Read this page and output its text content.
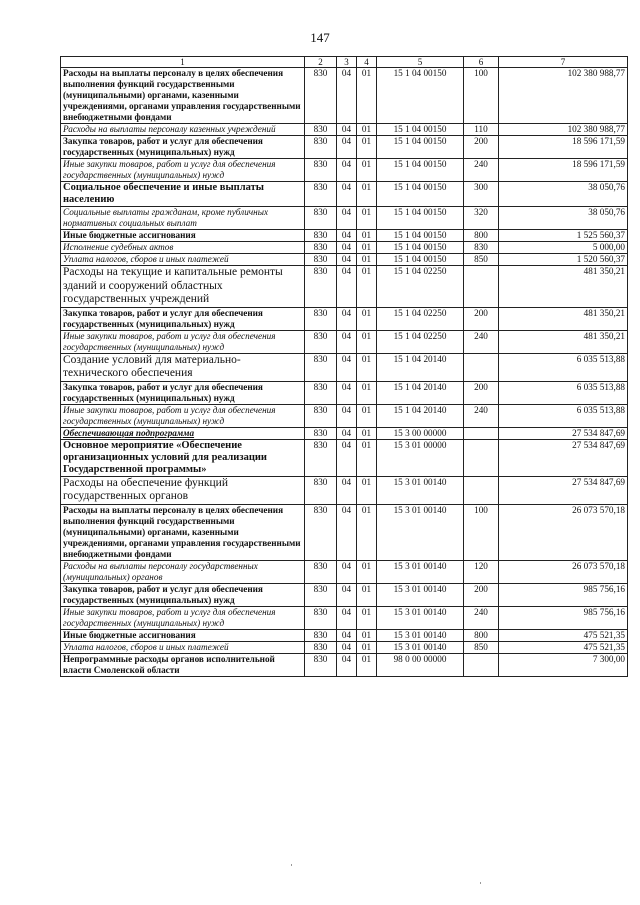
147
1	2	3	4	5	6	7
Расходы на выплаты персоналу в целях обеспечения выполнения функций государственными (муниципальными) органами, казенными учреждениями, органами управления государственными внебюджетными фондами	830	04	01	15 1 04 00150	100	102 380 988,77
Расходы на выплаты персоналу казенных учреждений	830	04	01	15 1 04 00150	110	102 380 988,77
Закупка товаров, работ и услуг для обеспечения государственных (муниципальных) нужд	830	04	01	15 1 04 00150	200	18 596 171,59
Иные закупки товаров, работ и услуг для обеспечения государственных (муниципальных) нужд	830	04	01	15 1 04 00150	240	18 596 171,59
Социальное обеспечение и иные выплаты населению	830	04	01	15 1 04 00150	300	38 050,76
Социальные выплаты гражданам, кроме публичных нормативных социальных выплат	830	04	01	15 1 04 00150	320	38 050,76
Иные бюджетные ассигнования	830	04	01	15 1 04 00150	800	1 525 560,37
Исполнение судебных актов	830	04	01	15 1 04 00150	830	5 000,00
Уплата налогов, сборов и иных платежей	830	04	01	15 1 04 00150	850	1 520 560,37
Расходы на текущие и капитальные ремонты зданий и сооружений областных государственных учреждений	830	04	01	15 1 04 02250		481 350,21
Закупка товаров, работ и услуг для обеспечения государственных (муниципальных) нужд	830	04	01	15 1 04 02250	200	481 350,21
Иные закупки товаров, работ и услуг для обеспечения государственных (муниципальных) нужд	830	04	01	15 1 04 02250	240	481 350,21
Создание условий для материально-технического обеспечения	830	04	01	15 1 04 20140		6 035 513,88
Закупка товаров, работ и услуг для обеспечения государственных (муниципальных) нужд	830	04	01	15 1 04 20140	200	6 035 513,88
Иные закупки товаров, работ и услуг для обеспечения государственных (муниципальных) нужд	830	04	01	15 1 04 20140	240	6 035 513,88
Обеспечивающая подпрограмма	830	04	01	15 3 00 00000		27 534 847,69
Основное мероприятие «Обеспечение организационных условий для реализации Государственной программы»	830	04	01	15 3 01 00000		27 534 847,69
Расходы на обеспечение функций государственных органов	830	04	01	15 3 01 00140		27 534 847,69
Расходы на выплаты персоналу в целях обеспечения выполнения функций государственными (муниципальными) органами, казенными учреждениями, органами управления государственными внебюджетными фондами	830	04	01	15 3 01 00140	100	26 073 570,18
Расходы на выплаты персоналу государственных (муниципальных) органов	830	04	01	15 3 01 00140	120	26 073 570,18
Закупка товаров, работ и услуг для обеспечения государственных (муниципальных) нужд	830	04	01	15 3 01 00140	200	985 756,16
Иные закупки товаров, работ и услуг для обеспечения государственных (муниципальных) нужд	830	04	01	15 3 01 00140	240	985 756,16
Иные бюджетные ассигнования	830	04	01	15 3 01 00140	800	475 521,35
Уплата налогов, сборов и иных платежей	830	04	01	15 3 01 00140	850	475 521,35
Непрограммные расходы органов исполнительной власти Смоленской области	830	04	01	98 0 00 00000		7 300,00
